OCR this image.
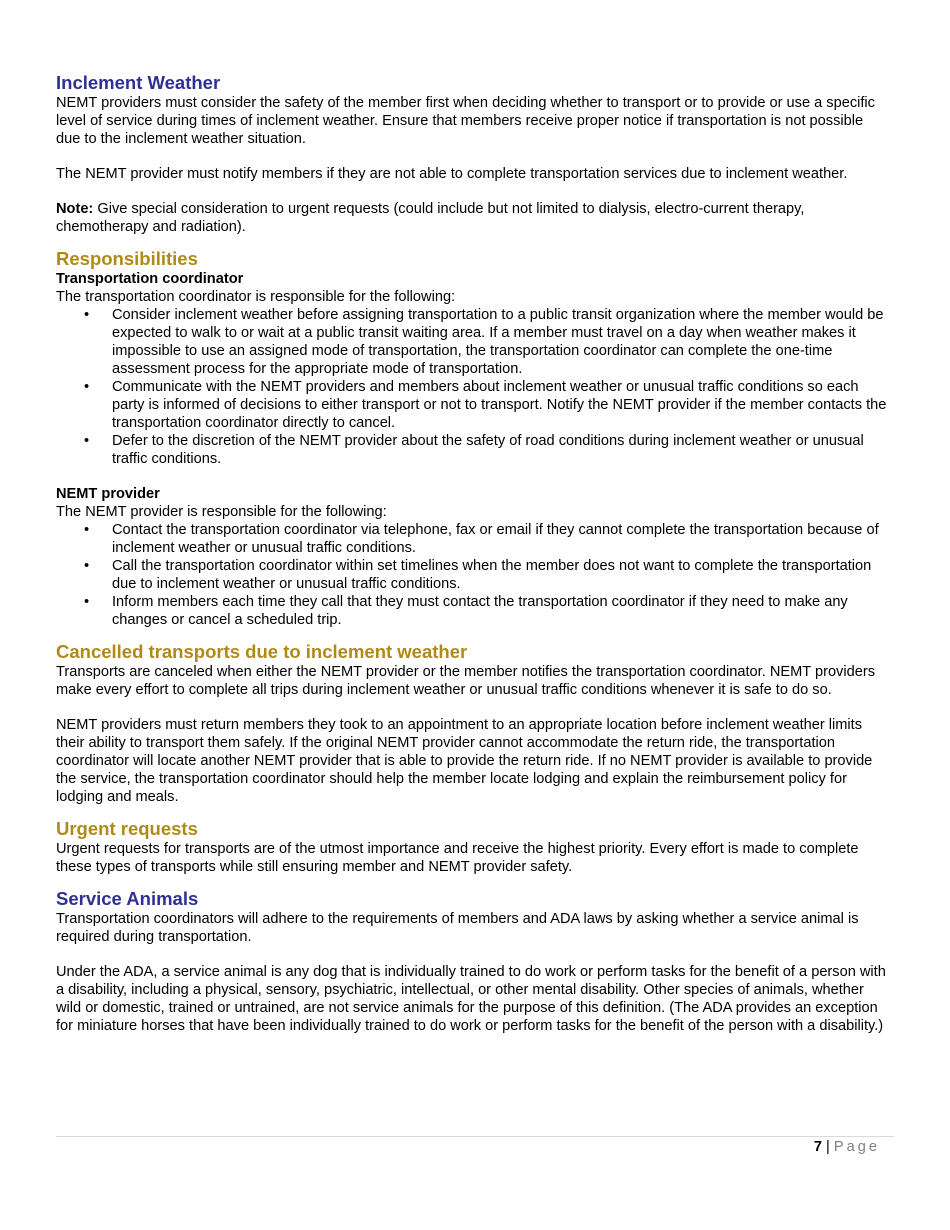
Inclement Weather

NEMT providers must consider the safety of the member first when deciding whether to transport or to provide or use a specific level of service during times of inclement weather. Ensure that members receive proper notice if transportation is not possible due to the inclement weather situation.

The NEMT provider must notify members if they are not able to complete transportation services due to inclement weather.

Note: Give special consideration to urgent requests (could include but not limited to dialysis, electro-current therapy, chemotherapy and radiation).

Responsibilities
Transportation coordinator

The transportation coordinator is responsible for the following:

• Consider inclement weather before assigning transportation to a public transit organization where the member would be expected to walk to or wait at a public transit waiting area. If a member must travel on a day when weather makes it impossible to use an assigned mode of transportation, the transportation coordinator can complete the one-time assessment process for the appropriate mode of transportation.
• Communicate with the NEMT providers and members about inclement weather or unusual traffic conditions so each party is informed of decisions to either transport or not to transport. Notify the NEMT provider if the member contacts the transportation coordinator directly to cancel.
• Defer to the discretion of the NEMT provider about the safety of road conditions during inclement weather or unusual traffic conditions.
NEMT provider

The NEMT provider is responsible for the following:

• Contact the transportation coordinator via telephone, fax or email if they cannot complete the transportation because of inclement weather or unusual traffic conditions.
• Call the transportation coordinator within set timelines when the member does not want to complete the transportation due to inclement weather or unusual traffic conditions.
• Inform members each time they call that they must contact the transportation coordinator if they need to make any changes or cancel a scheduled trip.
Cancelled transports due to inclement weather

Transports are canceled when either the NEMT provider or the member notifies the transportation coordinator. NEMT providers make every effort to complete all trips during inclement weather or unusual traffic conditions whenever it is safe to do so.

NEMT providers must return members they took to an appointment to an appropriate location before inclement weather limits their ability to transport them safely. If the original NEMT provider cannot accommodate the return ride, the transportation coordinator will locate another NEMT provider that is able to provide the return ride. If no NEMT provider is available to provide the service, the transportation coordinator should help the member locate lodging and explain the reimbursement policy for lodging and meals.

Urgent requests

Urgent requests for transports are of the utmost importance and receive the highest priority. Every effort is made to complete these types of transports while still ensuring member and NEMT provider safety.

Service Animals

Transportation coordinators will adhere to the requirements of members and ADA laws by asking whether a service animal is required during transportation.

Under the ADA, a service animal is any dog that is individually trained to do work or perform tasks for the benefit of a person with a disability, including a physical, sensory, psychiatric, intellectual, or other mental disability. Other species of animals, whether wild or domestic, trained or untrained, are not service animals for the purpose of this definition. (The ADA provides an exception for miniature horses that have been individually trained to do work or perform tasks for the benefit of the person with a disability.)

7 | Page
